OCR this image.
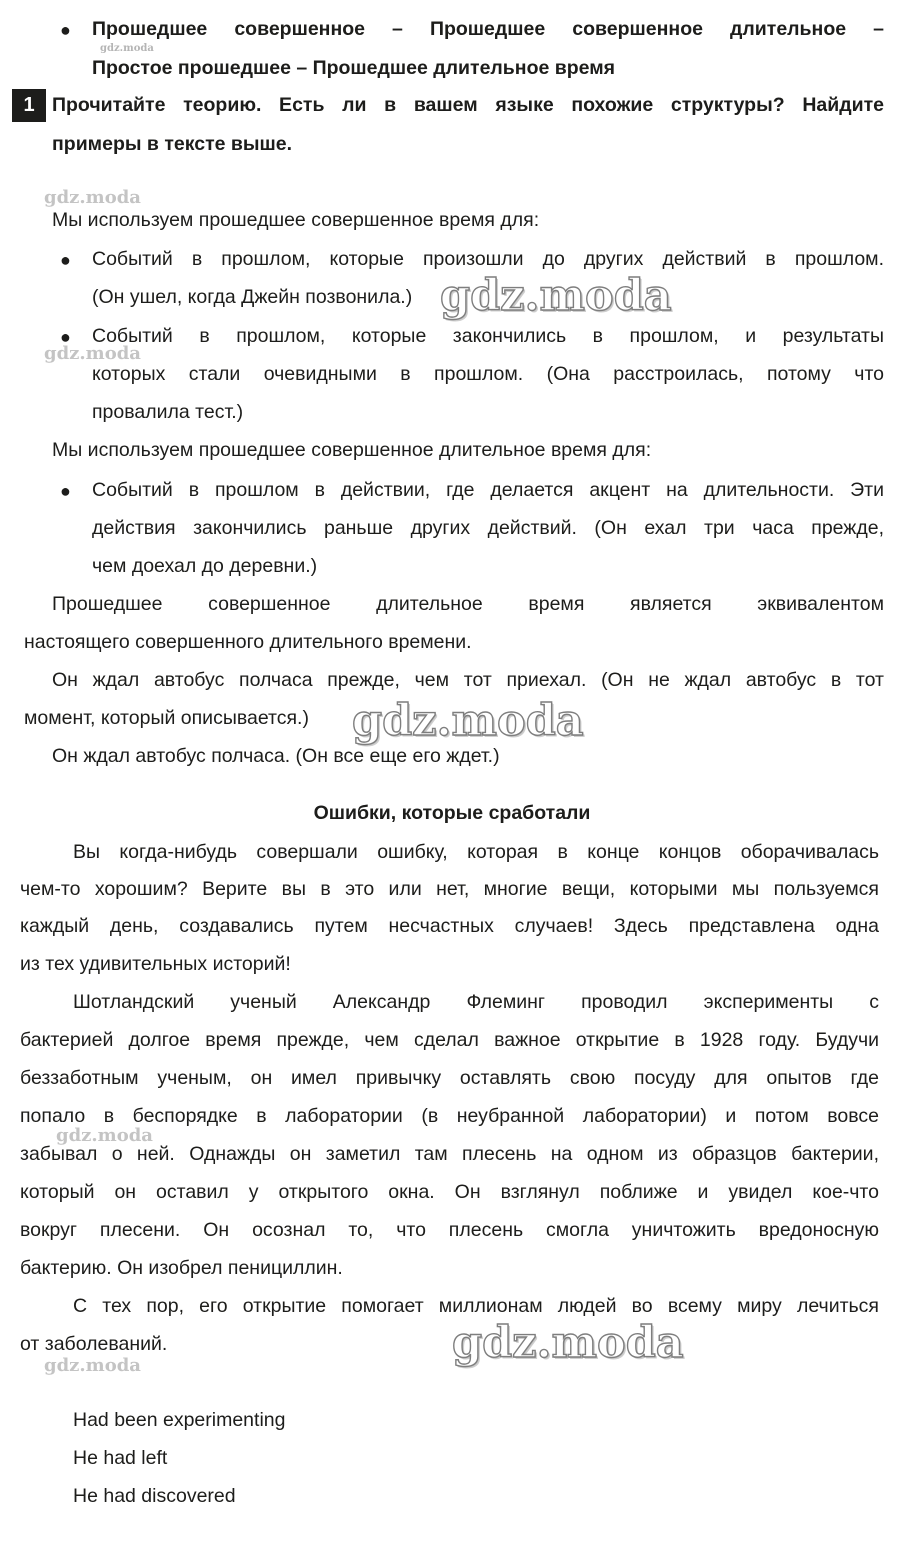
● Прошедшее совершенное – Прошедшее совершенное длительное –
Простое прошедшее – Прошедшее длительное время
gdz.moda
1 Прочитайте теорию. Есть ли в вашем языке похожие структуры? Найдите
примеры в тексте выше.
Мы используем прошедшее совершенное время для:
● Событий в прошлом, которые произошли до других действий в прошлом.
(Он ушел, когда Джейн позвонила.)
● Событий в прошлом, которые закончились в прошлом, и результаты
которых стали очевидными в прошлом. (Она расстроилась, потому что
провалила тест.)
Мы используем прошедшее совершенное длительное время для:
● Событий в прошлом в действии, где делается акцент на длительности. Эти
действия закончились раньше других действий. (Он ехал три часа прежде,
чем доехал до деревни.)
Прошедшее совершенное длительное время является эквивалентом
настоящего совершенного длительного времени.
Он ждал автобус полчаса прежде, чем тот приехал. (Он не ждал автобус в тот
момент, который описывается.)
Он ждал автобус полчаса. (Он все еще его ждет.)
Ошибки, которые сработали
Вы когда-нибудь совершали ошибку, которая в конце концов оборачивалась
чем-то хорошим? Верите вы в это или нет, многие вещи, которыми мы пользуемся
каждый день, создавались путем несчастных случаев! Здесь представлена одна
из тех удивительных историй!
Шотландский ученый Александр Флеминг проводил эксперименты с
бактерией долгое время прежде, чем сделал важное открытие в 1928 году. Будучи
беззаботным ученым, он имел привычку оставлять свою посуду для опытов где
попало в беспорядке в лаборатории (в неубранной лаборатории) и потом вовсе
забывал о ней. Однажды он заметил там плесень на одном из образцов бактерии,
который он оставил у открытого окна. Он взглянул поближе и увидел кое-что
вокруг плесени. Он осознал то, что плесень смогла уничтожить вредоносную
бактерию. Он изобрел пенициллин.
С тех пор, его открытие помогает миллионам людей во всему миру лечиться
от заболеваний.
Had been experimenting
He had left
He had discovered
gdz.moda
gdz.moda
gdz.moda
gdz.moda
gdz.moda
gdz.moda
gdz.moda
